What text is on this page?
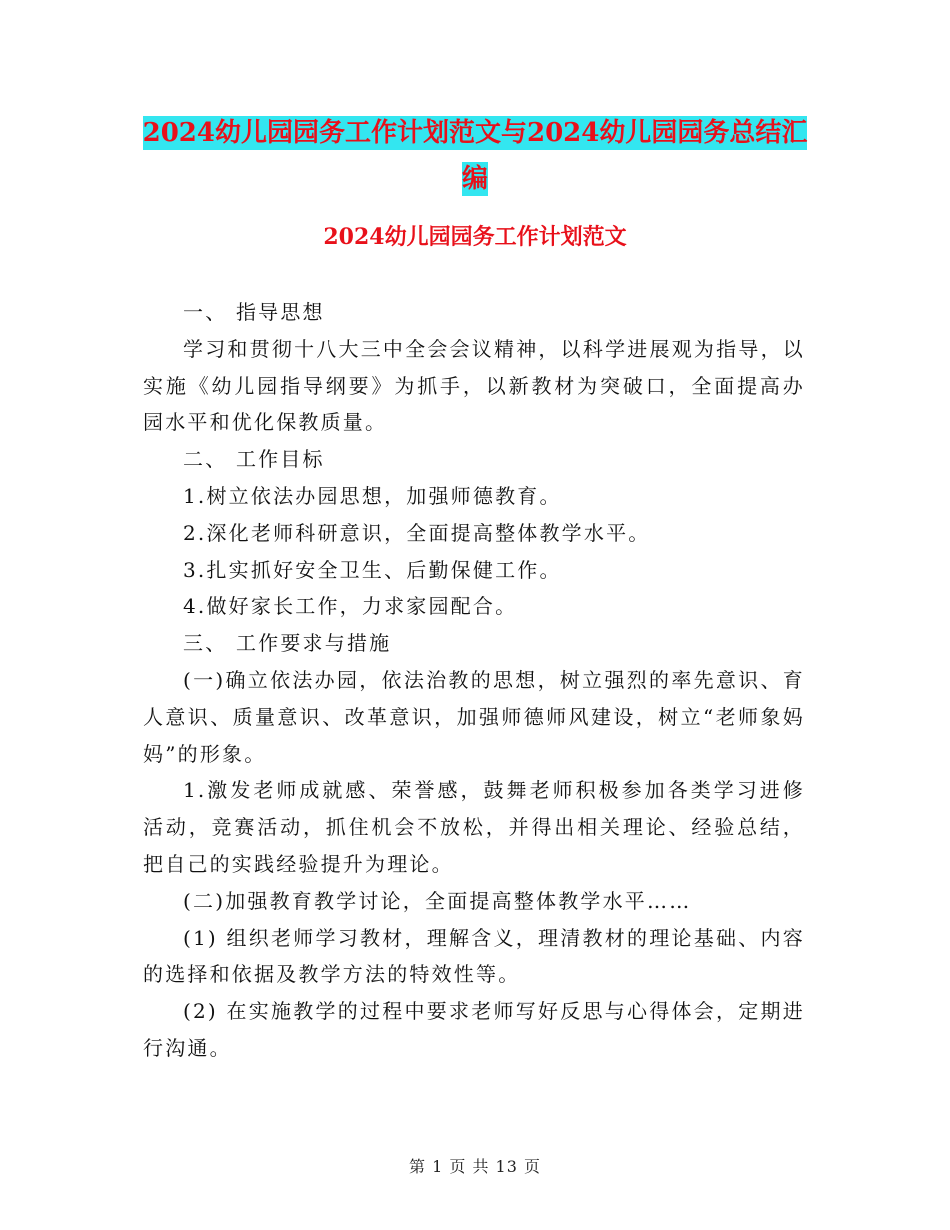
2024幼儿园园务工作计划范文与2024幼儿园园务总结汇编
2024幼儿园园务工作计划范文

一、 指导思想

学习和贯彻十八大三中全会会议精神，以科学进展观为指导，以实施《幼儿园指导纲要》为抓手，以新教材为突破口，全面提高办园水平和优化保教质量。

二、 工作目标

1.树立依法办园思想，加强师德教育。

2.深化老师科研意识，全面提高整体教学水平。

3.扎实抓好安全卫生、后勤保健工作。

4.做好家长工作，力求家园配合。

三、 工作要求与措施

(一)确立依法办园，依法治教的思想，树立强烈的率先意识、育人意识、质量意识、改革意识，加强师德师风建设，树立“老师象妈妈”的形象。

1.激发老师成就感、荣誉感，鼓舞老师积极参加各类学习进修活动，竞赛活动，抓住机会不放松，并得出相关理论、经验总结，把自己的实践经验提升为理论。

(二)加强教育教学讨论，全面提高整体教学水平……

(1) 组织老师学习教材，理解含义，理清教材的理论基础、内容的选择和依据及教学方法的特效性等。

(2) 在实施教学的过程中要求老师写好反思与心得体会，定期进行沟通。

第 1 页 共 13 页
